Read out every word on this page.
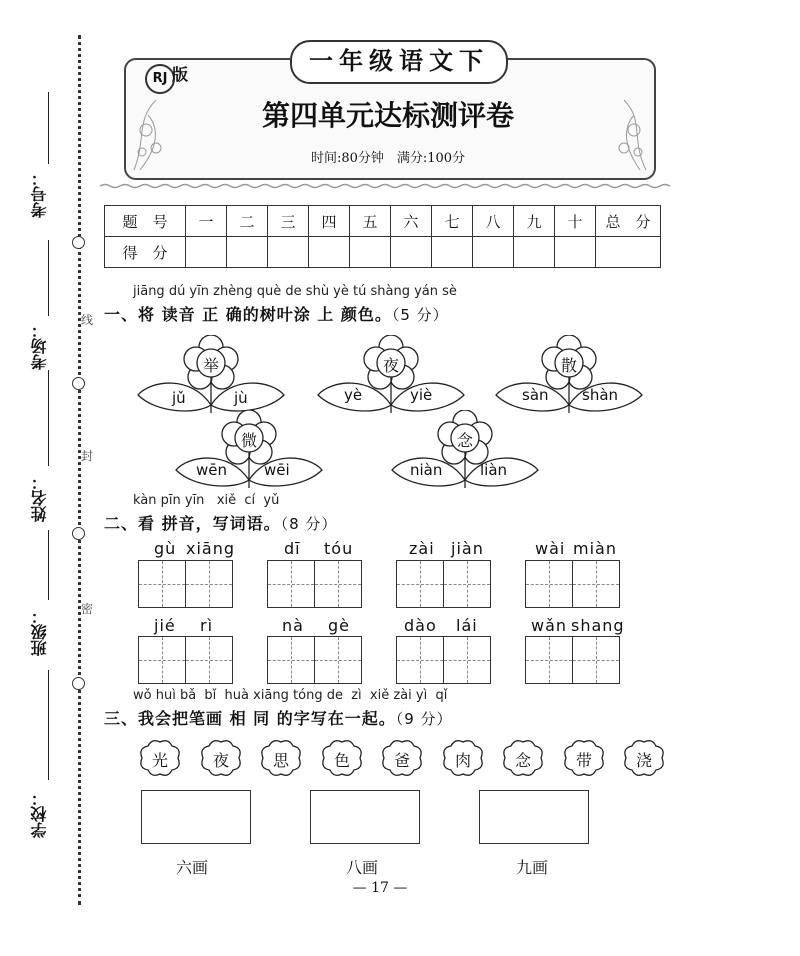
线
封
密
考号：
考场：
姓名：
班级：
学校：
一年级语文下
RJ 版
第四单元达标测评卷
时间:80分钟　满分:100分
题　号	一	二	三	四	五	六	七	八	九	十	总　分
得　分											
jiāng dú yīn zhèng què de shù yè tú shàng yán sè
一、将 读音 正 确的树叶涂 上 颜色。（5 分）
举
jǔ	jù
夜
yè	yiè
散
sàn shàn
微
wēn wēi
念
niàn	liàn
kàn pīn yīn   xiě  cí  yǔ
二、看 拼音，写词语。（8 分）
gù xiāng	dī tóu	zài jiàn	wài miàn
jié rì	nà gè	dào lái	wǎn shang
wǒ huì bǎ  bǐ  huà xiāng tóng de  zì  xiě zài yì  qǐ
三、我会把笔画 相 同 的字写在一起。（9 分）
光	夜	思	色	爸	肉	念	带	浇
六画	八画	九画
— 17 —
